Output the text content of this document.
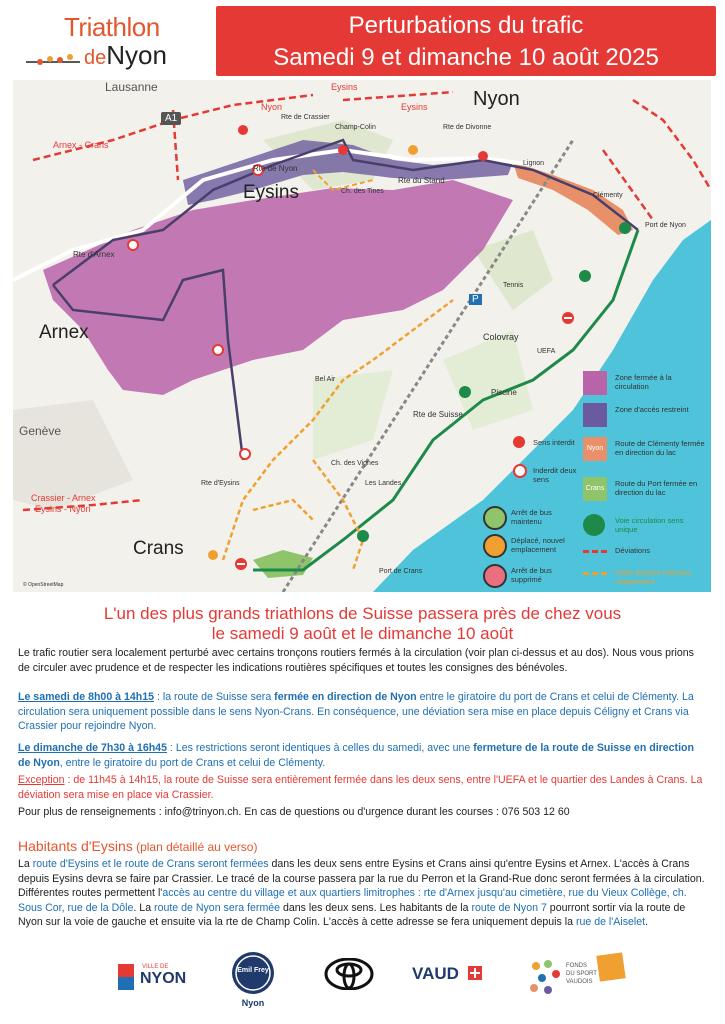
Triathlon
deNyon
Perturbations du trafic
Samedi 9 et dimanche 10 août 2025
Lausanne
A1
Nyon
Eysins
Arnex
Crans
Genève
Arnex - Crans
Crassier - Arnex
Eysins - Nyon
Nyon
Eysins
Eysins
Rte de Crassier
Champ-Colin	Rte de Divonne
Rte de Nyon
Rte du Stand
Ch. des Tines
Rte d'Arnex
Rte d'Eysins
Ch. des Vignes
Les Landes
Rte de Suisse
Bel Air
Tennis
Colovray
UEFA
Piscine
Port de Nyon
Port de Crans
Clémenty
Lignon
© OpenStreetMap
P
Zone fermée à la circulation
Zone d'accès restreint
Nyon
Route de Clémenty fermée en direction du lac
Crans
Route du Port fermée en direction du lac
Sens interdit
Inderdit deux sens
Arrêt de bus maintenu
Déplacé, nouvel emplacement
Arrêt de bus supprimé
Voie circulation sens unique
Déviations
Voies d'accès riverains uniquement
L'un des plus grands triathlons de Suisse passera près de chez vous
le samedi 9 août et le dimanche 10 août
Le trafic routier sera localement perturbé avec certains tronçons routiers fermés à la circulation (voir plan ci-dessus et au dos). Nous vous prions de circuler avec prudence et de respecter les indications routières spécifiques et toutes les consignes des bénévoles.
Le samedi de 8h00 à 14h15 : la route de Suisse sera fermée en direction de Nyon entre le giratoire du port de Crans et celui de Clémenty. La circulation sera uniquement possible dans le sens Nyon-Crans. En conséquence, une déviation sera mise en place depuis Céligny et Crans via Crassier pour rejoindre Nyon.
Le dimanche de 7h30 à 16h45 : Les restrictions seront identiques à celles du samedi, avec une fermeture de la route de Suisse en direction de Nyon, entre le giratoire du port de Crans et celui de Clémenty.
Exception : de 11h45 à 14h15, la route de Suisse sera entièrement fermée dans les deux sens, entre l'UEFA et le quartier des Landes à Crans. La déviation sera mise en place via Crassier.
Pour plus de renseignements : info@trinyon.ch. En cas de questions ou d'urgence durant les courses : 076 503 12 60
Habitants d'Eysins (plan détaillé au verso)
La route d'Eysins et le route de Crans seront fermées dans les deux sens entre Eysins et Crans ainsi qu'entre Eysins et Arnex. L'accès à Crans depuis Eysins devra se faire par Crassier. Le tracé de la course passera par la rue du Perron et la Grand-Rue donc seront fermées à la circulation. Différentes routes permettent l'accès au centre du village et aux quartiers limitrophes : rte d'Arnex jusqu'au cimetière, rue du Vieux Collège, ch. Sous Cor, rue de la Dôle. La route de Nyon sera fermée dans les deux sens. Les habitants de la route de Nyon 7 pourront sortir via la route de Nyon sur la voie de gauche et ensuite via la rte de Champ Colin. L'accès à cette adresse se fera uniquement depuis la rue de l'Aiselet.
VILLE DE
NYON	Emil Frey
Nyon
VAUD	FONDS
DU SPORT
VAUDOIS
